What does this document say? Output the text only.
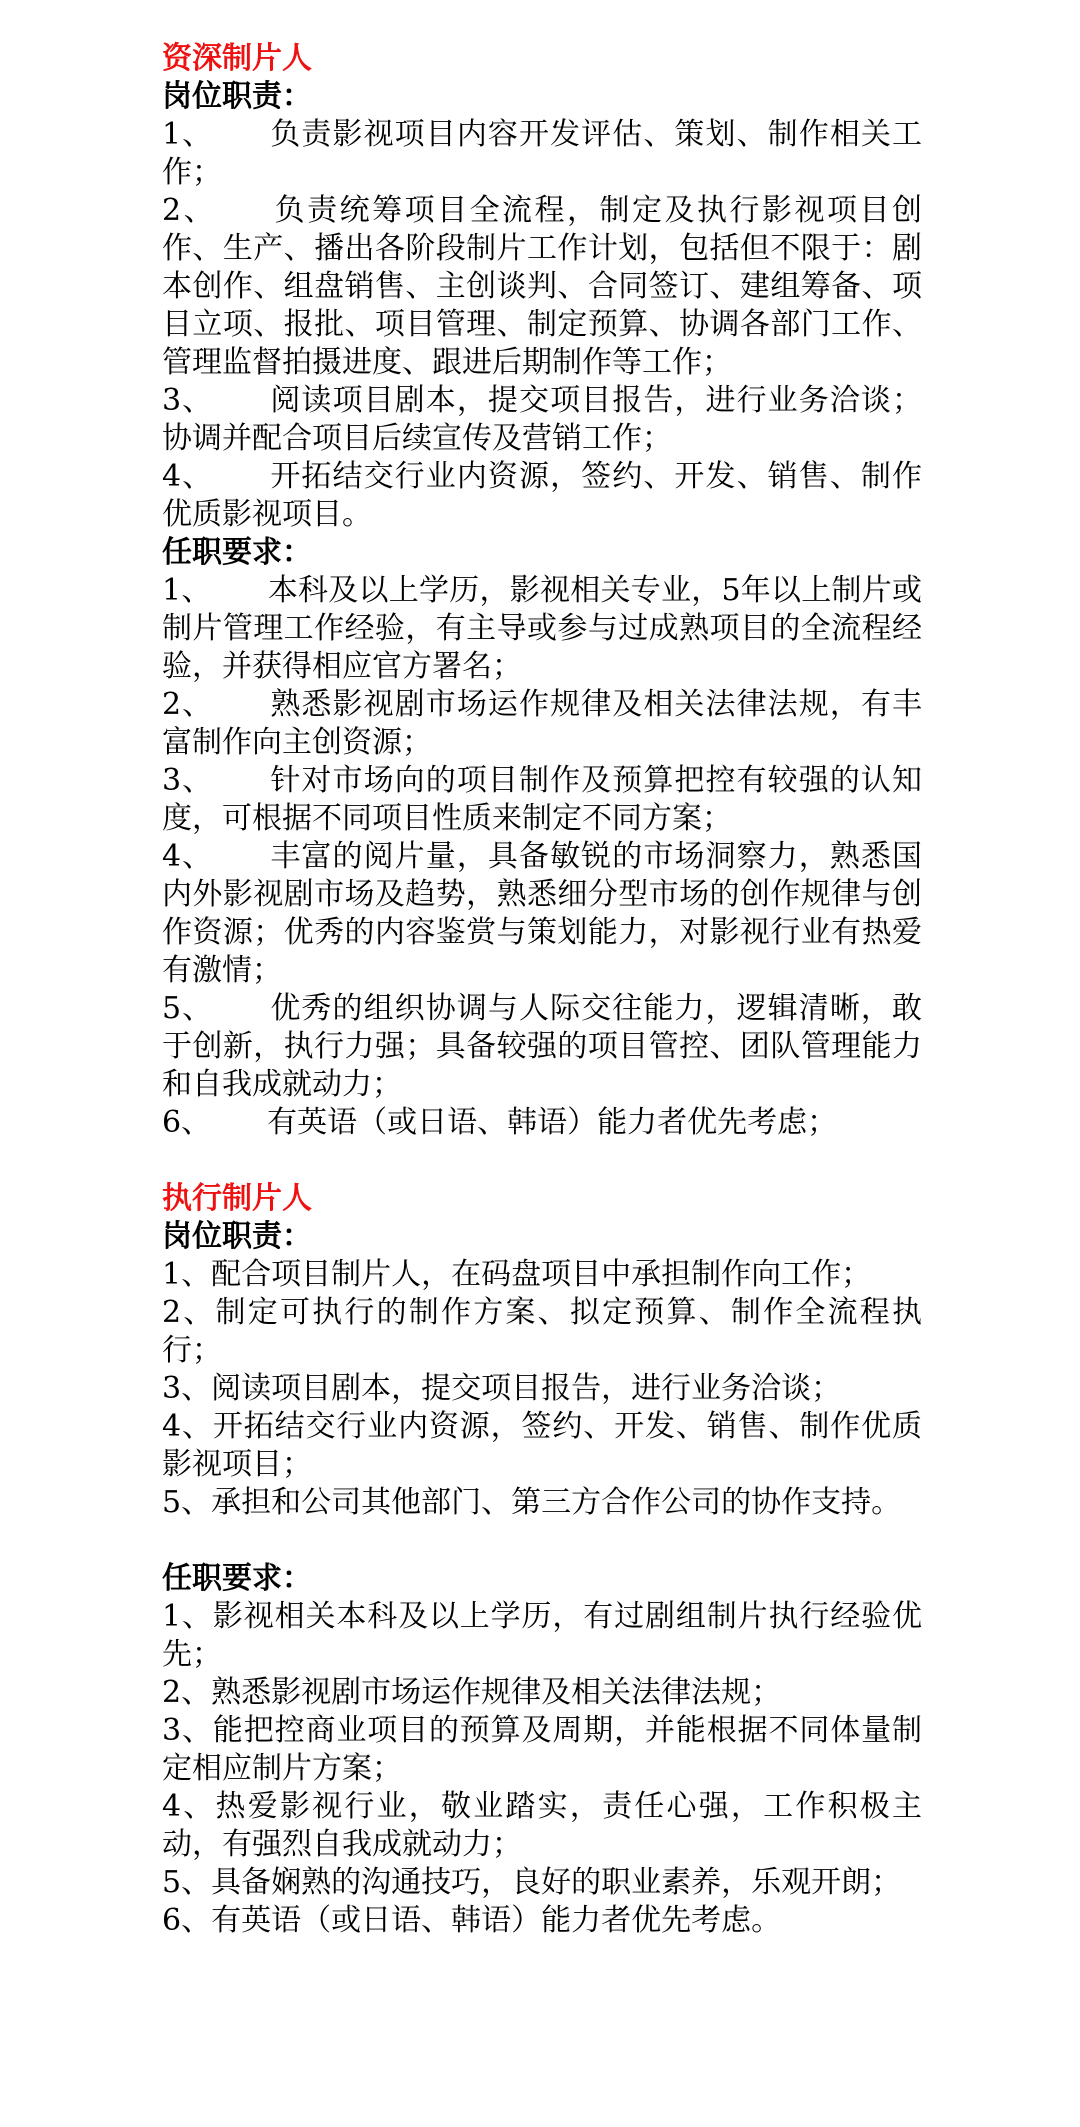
资深制片人

岗位职责：

1、 负责影视项目内容开发评估、策划、制作相关工作；

2、 负责统筹项目全流程，制定及执行影视项目创作、生产、播出各阶段制片工作计划，包括但不限于：剧本创作、组盘销售、主创谈判、合同签订、建组筹备、项目立项、报批、项目管理、制定预算、协调各部门工作、管理监督拍摄进度、跟进后期制作等工作；

3、 阅读项目剧本，提交项目报告，进行业务洽谈；协调并配合项目后续宣传及营销工作；

4、 开拓结交行业内资源，签约、开发、销售、制作优质影视项目。

任职要求：

1、 本科及以上学历，影视相关专业，5年以上制片或制片管理工作经验，有主导或参与过成熟项目的全流程经验，并获得相应官方署名；

2、 熟悉影视剧市场运作规律及相关法律法规，有丰富制作向主创资源；

3、 针对市场向的项目制作及预算把控有较强的认知度，可根据不同项目性质来制定不同方案；

4、 丰富的阅片量，具备敏锐的市场洞察力，熟悉国内外影视剧市场及趋势，熟悉细分型市场的创作规律与创作资源；优秀的内容鉴赏与策划能力，对影视行业有热爱有激情；

5、 优秀的组织协调与人际交往能力，逻辑清晰，敢于创新，执行力强；具备较强的项目管控、团队管理能力和自我成就动力；

6、 有英语（或日语、韩语）能力者优先考虑；

执行制片人

岗位职责：

1、配合项目制片人，在码盘项目中承担制作向工作；

2、制定可执行的制作方案、拟定预算、制作全流程执行；

3、阅读项目剧本，提交项目报告，进行业务洽谈；

4、开拓结交行业内资源，签约、开发、销售、制作优质影视项目；

5、承担和公司其他部门、第三方合作公司的协作支持。

任职要求：

1、影视相关本科及以上学历，有过剧组制片执行经验优先；

2、熟悉影视剧市场运作规律及相关法律法规；

3、能把控商业项目的预算及周期，并能根据不同体量制定相应制片方案；

4、热爱影视行业，敬业踏实，责任心强，工作积极主动，有强烈自我成就动力；

5、具备娴熟的沟通技巧，良好的职业素养，乐观开朗；

6、有英语（或日语、韩语）能力者优先考虑。
